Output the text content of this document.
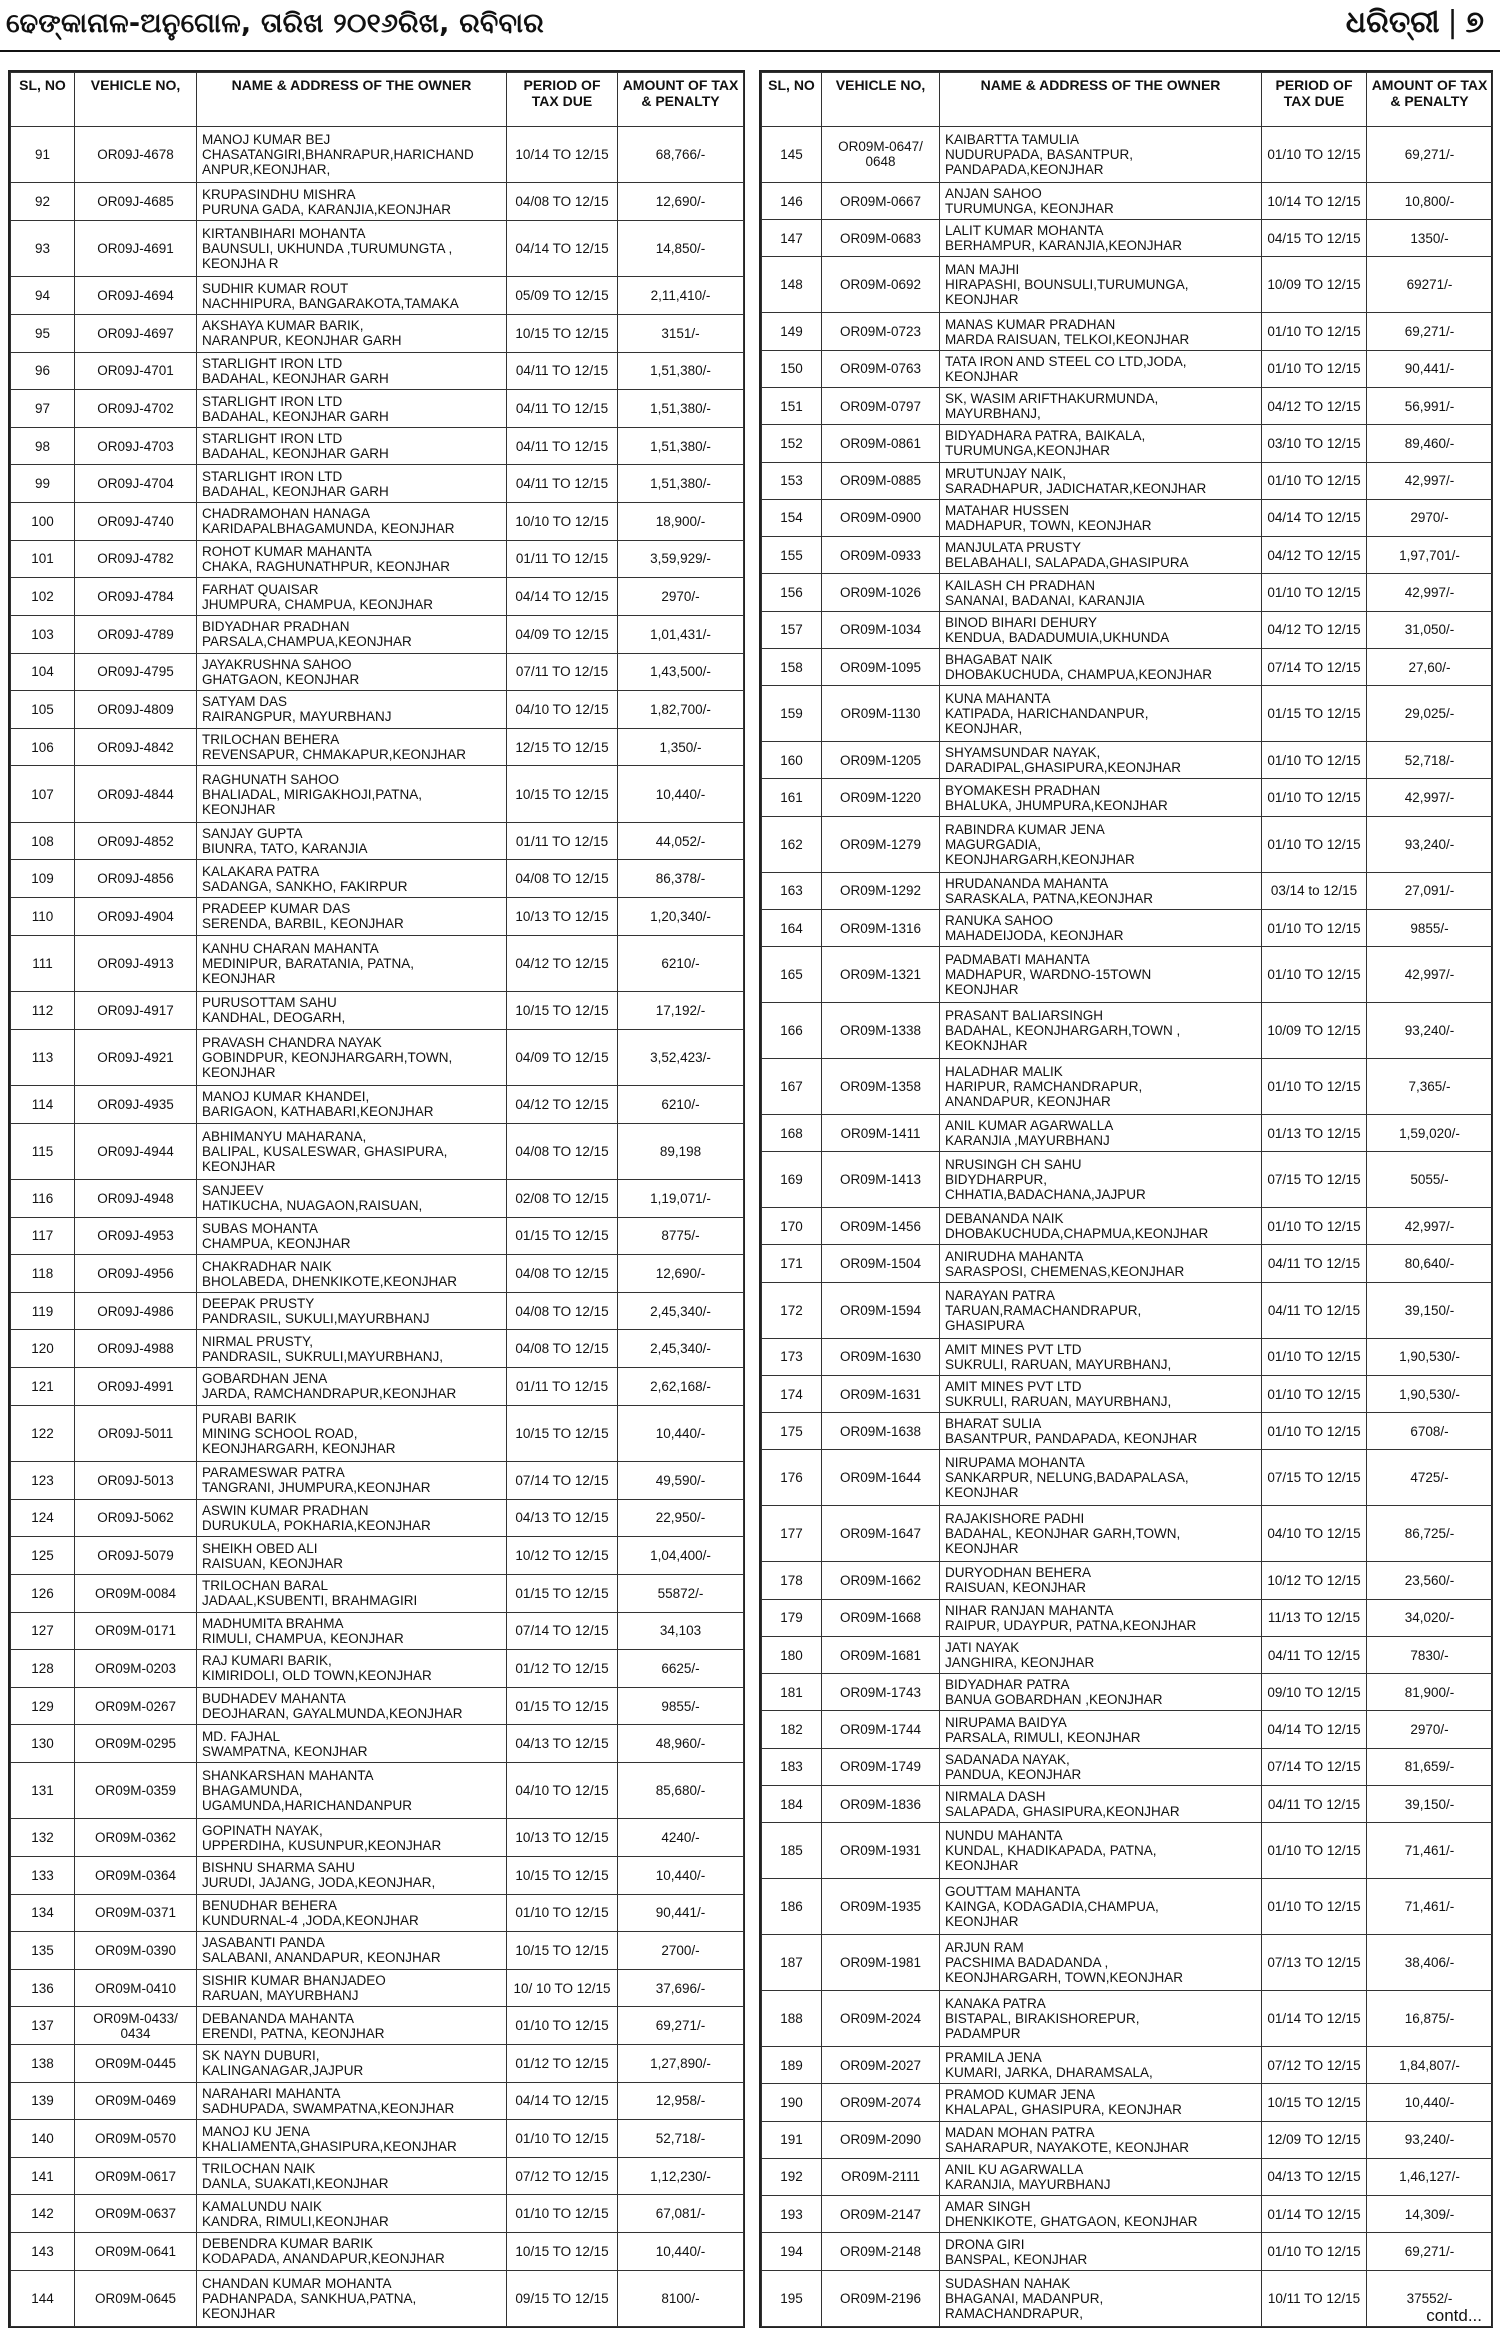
ଢେଙ୍କାନାଳ-ଅନୁଗୋଳ, ତାରିଖ ୨୦୧୬ରିଖ, ରବିବାର	ଧରିତ୍ରୀ | ୭
SL, NO	VEHICLE NO,	NAME & ADDRESS OF THE OWNER	PERIOD OF TAX DUE	AMOUNT OF TAX & PENALTY
91	OR09J-4678	MANOJ KUMAR BEJ
CHASATANGIRI,BHANRAPUR,HARICHAND
ANPUR,KEONJHAR,	10/14 TO 12/15	68,766/-
92	OR09J-4685	KRUPASINDHU MISHRA
PURUNA GADA, KARANJIA,KEONJHAR	04/08 TO 12/15	12,690/-
93	OR09J-4691	KIRTANBIHARI MOHANTA
BAUNSULI, UKHUNDA ,TURUMUNGTA ,
KEONJHA R	04/14 TO 12/15	14,850/-
94	OR09J-4694	SUDHIR KUMAR ROUT
NACHHIPURA, BANGARAKOTA,TAMAKA	05/09 TO 12/15	2,11,410/-
95	OR09J-4697	AKSHAYA KUMAR BARIK,
NARANPUR, KEONJHAR GARH	10/15 TO 12/15	3151/-
96	OR09J-4701	STARLIGHT IRON LTD
BADAHAL, KEONJHAR GARH	04/11 TO 12/15	1,51,380/-
97	OR09J-4702	STARLIGHT IRON LTD
BADAHAL, KEONJHAR GARH	04/11 TO 12/15	1,51,380/-
98	OR09J-4703	STARLIGHT IRON LTD
BADAHAL, KEONJHAR GARH	04/11 TO 12/15	1,51,380/-
99	OR09J-4704	STARLIGHT IRON LTD
BADAHAL, KEONJHAR GARH	04/11 TO 12/15	1,51,380/-
100	OR09J-4740	CHADRAMOHAN HANAGA
KARIDAPALBHAGAMUNDA, KEONJHAR	10/10 TO 12/15	18,900/-
101	OR09J-4782	ROHOT KUMAR MAHANTA
CHAKA, RAGHUNATHPUR, KEONJHAR	01/11 TO 12/15	3,59,929/-
102	OR09J-4784	FARHAT QUAISAR
JHUMPURA, CHAMPUA, KEONJHAR	04/14 TO 12/15	2970/-
103	OR09J-4789	BIDYADHAR PRADHAN
PARSALA,CHAMPUA,KEONJHAR	04/09 TO 12/15	1,01,431/-
104	OR09J-4795	JAYAKRUSHNA SAHOO
GHATGAON, KEONJHAR	07/11 TO 12/15	1,43,500/-
105	OR09J-4809	SATYAM DAS
RAIRANGPUR, MAYURBHANJ	04/10 TO 12/15	1,82,700/-
106	OR09J-4842	TRILOCHAN BEHERA
REVENSAPUR, CHMAKAPUR,KEONJHAR	12/15 TO 12/15	1,350/-
107	OR09J-4844	RAGHUNATH SAHOO
BHALIADAL, MIRIGAKHOJI,PATNA,
KEONJHAR	10/15 TO 12/15	10,440/-
108	OR09J-4852	SANJAY GUPTA
BIUNRA, TATO, KARANJIA	01/11 TO 12/15	44,052/-
109	OR09J-4856	KALAKARA PATRA
SADANGA, SANKHO, FAKIRPUR	04/08 TO 12/15	86,378/-
110	OR09J-4904	PRADEEP KUMAR DAS
SERENDA, BARBIL, KEONJHAR	10/13 TO 12/15	1,20,340/-
111	OR09J-4913	KANHU CHARAN MAHANTA
MEDINIPUR, BARATANIA, PATNA,
KEONJHAR	04/12 TO 12/15	6210/-
112	OR09J-4917	PURUSOTTAM SAHU
KANDHAL, DEOGARH,	10/15 TO 12/15	17,192/-
113	OR09J-4921	PRAVASH CHANDRA NAYAK
GOBINDPUR, KEONJHARGARH,TOWN,
KEONJHAR	04/09 TO 12/15	3,52,423/-
114	OR09J-4935	MANOJ KUMAR KHANDEI,
BARIGAON, KATHABARI,KEONJHAR	04/12 TO 12/15	6210/-
115	OR09J-4944	ABHIMANYU MAHARANA,
BALIPAL, KUSALESWAR, GHASIPURA,
KEONJHAR	04/08 TO 12/15	89,198
116	OR09J-4948	SANJEEV
HATIKUCHA, NUAGAON,RAISUAN,	02/08 TO 12/15	1,19,071/-
117	OR09J-4953	SUBAS MOHANTA
CHAMPUA, KEONJHAR	01/15 TO 12/15	8775/-
118	OR09J-4956	CHAKRADHAR NAIK
BHOLABEDA, DHENKIKOTE,KEONJHAR	04/08 TO 12/15	12,690/-
119	OR09J-4986	DEEPAK PRUSTY
PANDRASIL, SUKULI,MAYURBHANJ	04/08 TO 12/15	2,45,340/-
120	OR09J-4988	NIRMAL PRUSTY,
PANDRASIL, SUKRULI,MAYURBHANJ,	04/08 TO 12/15	2,45,340/-
121	OR09J-4991	GOBARDHAN JENA
JARDA, RAMCHANDRAPUR,KEONJHAR	01/11 TO 12/15	2,62,168/-
122	OR09J-5011	PURABI BARIK
MINING SCHOOL ROAD,
KEONJHARGARH, KEONJHAR	10/15 TO 12/15	10,440/-
123	OR09J-5013	PARAMESWAR PATRA
TANGRANI, JHUMPURA,KEONJHAR	07/14 TO 12/15	49,590/-
124	OR09J-5062	ASWIN KUMAR PRADHAN
DURUKULA, POKHARIA,KEONJHAR	04/13 TO 12/15	22,950/-
125	OR09J-5079	SHEIKH OBED ALI
RAISUAN, KEONJHAR	10/12 TO 12/15	1,04,400/-
126	OR09M-0084	TRILOCHAN BARAL
JADAAL,KSUBENTI, BRAHMAGIRI	01/15 TO 12/15	55872/-
127	OR09M-0171	MADHUMITA BRAHMA
RIMULI, CHAMPUA, KEONJHAR	07/14 TO 12/15	34,103
128	OR09M-0203	RAJ KUMARI BARIK,
KIMIRIDOLI, OLD TOWN,KEONJHAR	01/12 TO 12/15	6625/-
129	OR09M-0267	BUDHADEV MAHANTA
DEOJHARAN, GAYALMUNDA,KEONJHAR	01/15 TO 12/15	9855/-
130	OR09M-0295	MD. FAJHAL
SWAMPATNA, KEONJHAR	04/13 TO 12/15	48,960/-
131	OR09M-0359	SHANKARSHAN MAHANTA
BHAGAMUNDA,
UGAMUNDA,HARICHANDANPUR	04/10 TO 12/15	85,680/-
132	OR09M-0362	GOPINATH NAYAK,
UPPERDIHA, KUSUNPUR,KEONJHAR	10/13 TO 12/15	4240/-
133	OR09M-0364	BISHNU SHARMA SAHU
JURUDI, JAJANG, JODA,KEONJHAR,	10/15 TO 12/15	10,440/-
134	OR09M-0371	BENUDHAR BEHERA
KUNDURNAL-4 ,JODA,KEONJHAR	01/10 TO 12/15	90,441/-
135	OR09M-0390	JASABANTI PANDA
SALABANI, ANANDAPUR, KEONJHAR	10/15 TO 12/15	2700/-
136	OR09M-0410	SISHIR KUMAR BHANJADEO
RARUAN, MAYURBHANJ	10/ 10 TO 12/15	37,696/-
137	OR09M-0433/ 0434	DEBANANDA MAHANTA
ERENDI, PATNA, KEONJHAR	01/10 TO 12/15	69,271/-
138	OR09M-0445	SK NAYN DUBURI,
KALINGANAGAR,JAJPUR	01/12 TO 12/15	1,27,890/-
139	OR09M-0469	NARAHARI MAHANTA
SADHUPADA, SWAMPATNA,KEONJHAR	04/14 TO 12/15	12,958/-
140	OR09M-0570	MANOJ KU JENA
KHALIAMENTA,GHASIPURA,KEONJHAR	01/10 TO 12/15	52,718/-
141	OR09M-0617	TRILOCHAN NAIK
DANLA, SUAKATI,KEONJHAR	07/12 TO 12/15	1,12,230/-
142	OR09M-0637	KAMALUNDU NAIK
KANDRA, RIMULI,KEONJHAR	01/10 TO 12/15	67,081/-
143	OR09M-0641	DEBENDRA KUMAR BARIK
KODAPADA, ANANDAPUR,KEONJHAR	10/15 TO 12/15	10,440/-
144	OR09M-0645	CHANDAN KUMAR MOHANTA
PADHANPADA, SANKHUA,PATNA,
KEONJHAR	09/15 TO 12/15	8100/-
SL, NO	VEHICLE NO,	NAME & ADDRESS OF THE OWNER	PERIOD OF TAX DUE	AMOUNT OF TAX & PENALTY
145	OR09M-0647/ 0648	KAIBARTTA TAMULIA
NUDURUPADA, BASANTPUR,
PANDAPADA,KEONJHAR	01/10 TO 12/15	69,271/-
146	OR09M-0667	ANJAN SAHOO
TURUMUNGA, KEONJHAR	10/14 TO 12/15	10,800/-
147	OR09M-0683	LALIT KUMAR MOHANTA
BERHAMPUR, KARANJIA,KEONJHAR	04/15 TO 12/15	1350/-
148	OR09M-0692	MAN MAJHI
HIRAPASHI, BOUNSULI,TURUMUNGA,
KEONJHAR	10/09 TO 12/15	69271/-
149	OR09M-0723	MANAS KUMAR PRADHAN
MARDA RAISUAN, TELKOI,KEONJHAR	01/10 TO 12/15	69,271/-
150	OR09M-0763	TATA IRON AND STEEL CO LTD,JODA,
KEONJHAR	01/10 TO 12/15	90,441/-
151	OR09M-0797	SK, WASIM ARIFTHAKURMUNDA,
MAYURBHANJ,	04/12 TO 12/15	56,991/-
152	OR09M-0861	BIDYADHARA PATRA, BAIKALA,
TURUMUNGA,KEONJHAR	03/10 TO 12/15	89,460/-
153	OR09M-0885	MRUTUNJAY NAIK,
SARADHAPUR, JADICHATAR,KEONJHAR	01/10 TO 12/15	42,997/-
154	OR09M-0900	MATAHAR HUSSEN
MADHAPUR, TOWN, KEONJHAR	04/14 TO 12/15	2970/-
155	OR09M-0933	MANJULATA PRUSTY
BELABAHALI, SALAPADA,GHASIPURA	04/12 TO 12/15	1,97,701/-
156	OR09M-1026	KAILASH CH PRADHAN
SANANAI, BADANAI, KARANJIA	01/10 TO 12/15	42,997/-
157	OR09M-1034	BINOD BIHARI DEHURY
KENDUA, BADADUMUIA,UKHUNDA	04/12 TO 12/15	31,050/-
158	OR09M-1095	BHAGABAT NAIK
DHOBAKUCHUDA, CHAMPUA,KEONJHAR	07/14 TO 12/15	27,60/-
159	OR09M-1130	KUNA MAHANTA
KATIPADA, HARICHANDANPUR,
KEONJHAR,	01/15 TO 12/15	29,025/-
160	OR09M-1205	SHYAMSUNDAR NAYAK,
DARADIPAL,GHASIPURA,KEONJHAR	01/10 TO 12/15	52,718/-
161	OR09M-1220	BYOMAKESH PRADHAN
BHALUKA, JHUMPURA,KEONJHAR	01/10 TO 12/15	42,997/-
162	OR09M-1279	RABINDRA KUMAR JENA
MAGURGADIA,
KEONJHARGARH,KEONJHAR	01/10 TO 12/15	93,240/-
163	OR09M-1292	HRUDANANDA MAHANTA
SARASKALA, PATNA,KEONJHAR	03/14 to 12/15	27,091/-
164	OR09M-1316	RANUKA SAHOO
MAHADEIJODA, KEONJHAR	01/10 TO 12/15	9855/-
165	OR09M-1321	PADMABATI MAHANTA
MADHAPUR, WARDNO-15TOWN
KEONJHAR	01/10 TO 12/15	42,997/-
166	OR09M-1338	PRASANT BALIARSINGH
BADAHAL, KEONJHARGARH,TOWN ,
KEOKNJHAR	10/09 TO 12/15	93,240/-
167	OR09M-1358	HALADHAR MALIK
HARIPUR, RAMCHANDRAPUR,
ANANDAPUR, KEONJHAR	01/10 TO 12/15	7,365/-
168	OR09M-1411	ANIL KUMAR AGARWALLA
KARANJIA ,MAYURBHANJ	01/13 TO 12/15	1,59,020/-
169	OR09M-1413	NRUSINGH CH SAHU
BIDYDHARPUR,
CHHATIA,BADACHANA,JAJPUR	07/15 TO 12/15	5055/-
170	OR09M-1456	DEBANANDA NAIK
DHOBAKUCHUDA,CHAPMUA,KEONJHAR	01/10 TO 12/15	42,997/-
171	OR09M-1504	ANIRUDHA MAHANTA
SARASPOSI, CHEMENAS,KEONJHAR	04/11 TO 12/15	80,640/-
172	OR09M-1594	NARAYAN PATRA
TARUAN,RAMACHANDRAPUR,
GHASIPURA	04/11 TO 12/15	39,150/-
173	OR09M-1630	AMIT MINES PVT LTD
SUKRULI, RARUAN, MAYURBHANJ,	01/10 TO 12/15	1,90,530/-
174	OR09M-1631	AMIT MINES PVT LTD
SUKRULI, RARUAN, MAYURBHANJ,	01/10 TO 12/15	1,90,530/-
175	OR09M-1638	BHARAT SULIA
BASANTPUR, PANDAPADA, KEONJHAR	01/10 TO 12/15	6708/-
176	OR09M-1644	NIRUPAMA MOHANTA
SANKARPUR, NELUNG,BADAPALASA,
KEONJHAR	07/15 TO 12/15	4725/-
177	OR09M-1647	RAJAKISHORE PADHI
BADAHAL, KEONJHAR GARH,TOWN,
KEONJHAR	04/10 TO 12/15	86,725/-
178	OR09M-1662	DURYODHAN BEHERA
RAISUAN, KEONJHAR	10/12 TO 12/15	23,560/-
179	OR09M-1668	NIHAR RANJAN MAHANTA
RAIPUR, UDAYPUR, PATNA,KEONJHAR	11/13 TO 12/15	34,020/-
180	OR09M-1681	JATI NAYAK
JANGHIRA, KEONJHAR	04/11 TO 12/15	7830/-
181	OR09M-1743	BIDYADHAR PATRA
BANUA GOBARDHAN ,KEONJHAR	09/10 TO 12/15	81,900/-
182	OR09M-1744	NIRUPAMA BAIDYA
PARSALA, RIMULI, KEONJHAR	04/14 TO 12/15	2970/-
183	OR09M-1749	SADANADA NAYAK,
PANDUA, KEONJHAR	07/14 TO 12/15	81,659/-
184	OR09M-1836	NIRMALA DASH
SALAPADA, GHASIPURA,KEONJHAR	04/11 TO 12/15	39,150/-
185	OR09M-1931	NUNDU MAHANTA
KUNDAL, KHADIKAPADA, PATNA,
KEONJHAR	01/10 TO 12/15	71,461/-
186	OR09M-1935	GOUTTAM MAHANTA
KAINGA, KODAGADIA,CHAMPUA,
KEONJHAR	01/10 TO 12/15	71,461/-
187	OR09M-1981	ARJUN RAM
PACSHIMA BADADANDA ,
KEONJHARGARH, TOWN,KEONJHAR	07/13 TO 12/15	38,406/-
188	OR09M-2024	KANAKA PATRA
BISTAPAL, BIRAKISHOREPUR,
PADAMPUR	01/14 TO 12/15	16,875/-
189	OR09M-2027	PRAMILA JENA
KUMARI, JARKA, DHARAMSALA,	07/12 TO 12/15	1,84,807/-
190	OR09M-2074	PRAMOD KUMAR JENA
KHALAPAL, GHASIPURA, KEONJHAR	10/15 TO 12/15	10,440/-
191	OR09M-2090	MADAN MOHAN PATRA
SAHARAPUR, NAYAKOTE, KEONJHAR	12/09 TO 12/15	93,240/-
192	OR09M-2111	ANIL KU AGARWALLA
KARANJIA, MAYURBHANJ	04/13 TO 12/15	1,46,127/-
193	OR09M-2147	AMAR SINGH
DHENKIKOTE, GHATGAON, KEONJHAR	01/14 TO 12/15	14,309/-
194	OR09M-2148	DRONA GIRI
BANSPAL, KEONJHAR	01/10 TO 12/15	69,271/-
195	OR09M-2196	SUDASHAN NAHAK
BHAGANAI, MADANPUR,
RAMACHANDRAPUR,	10/11 TO 12/15	37552/-
contd...
